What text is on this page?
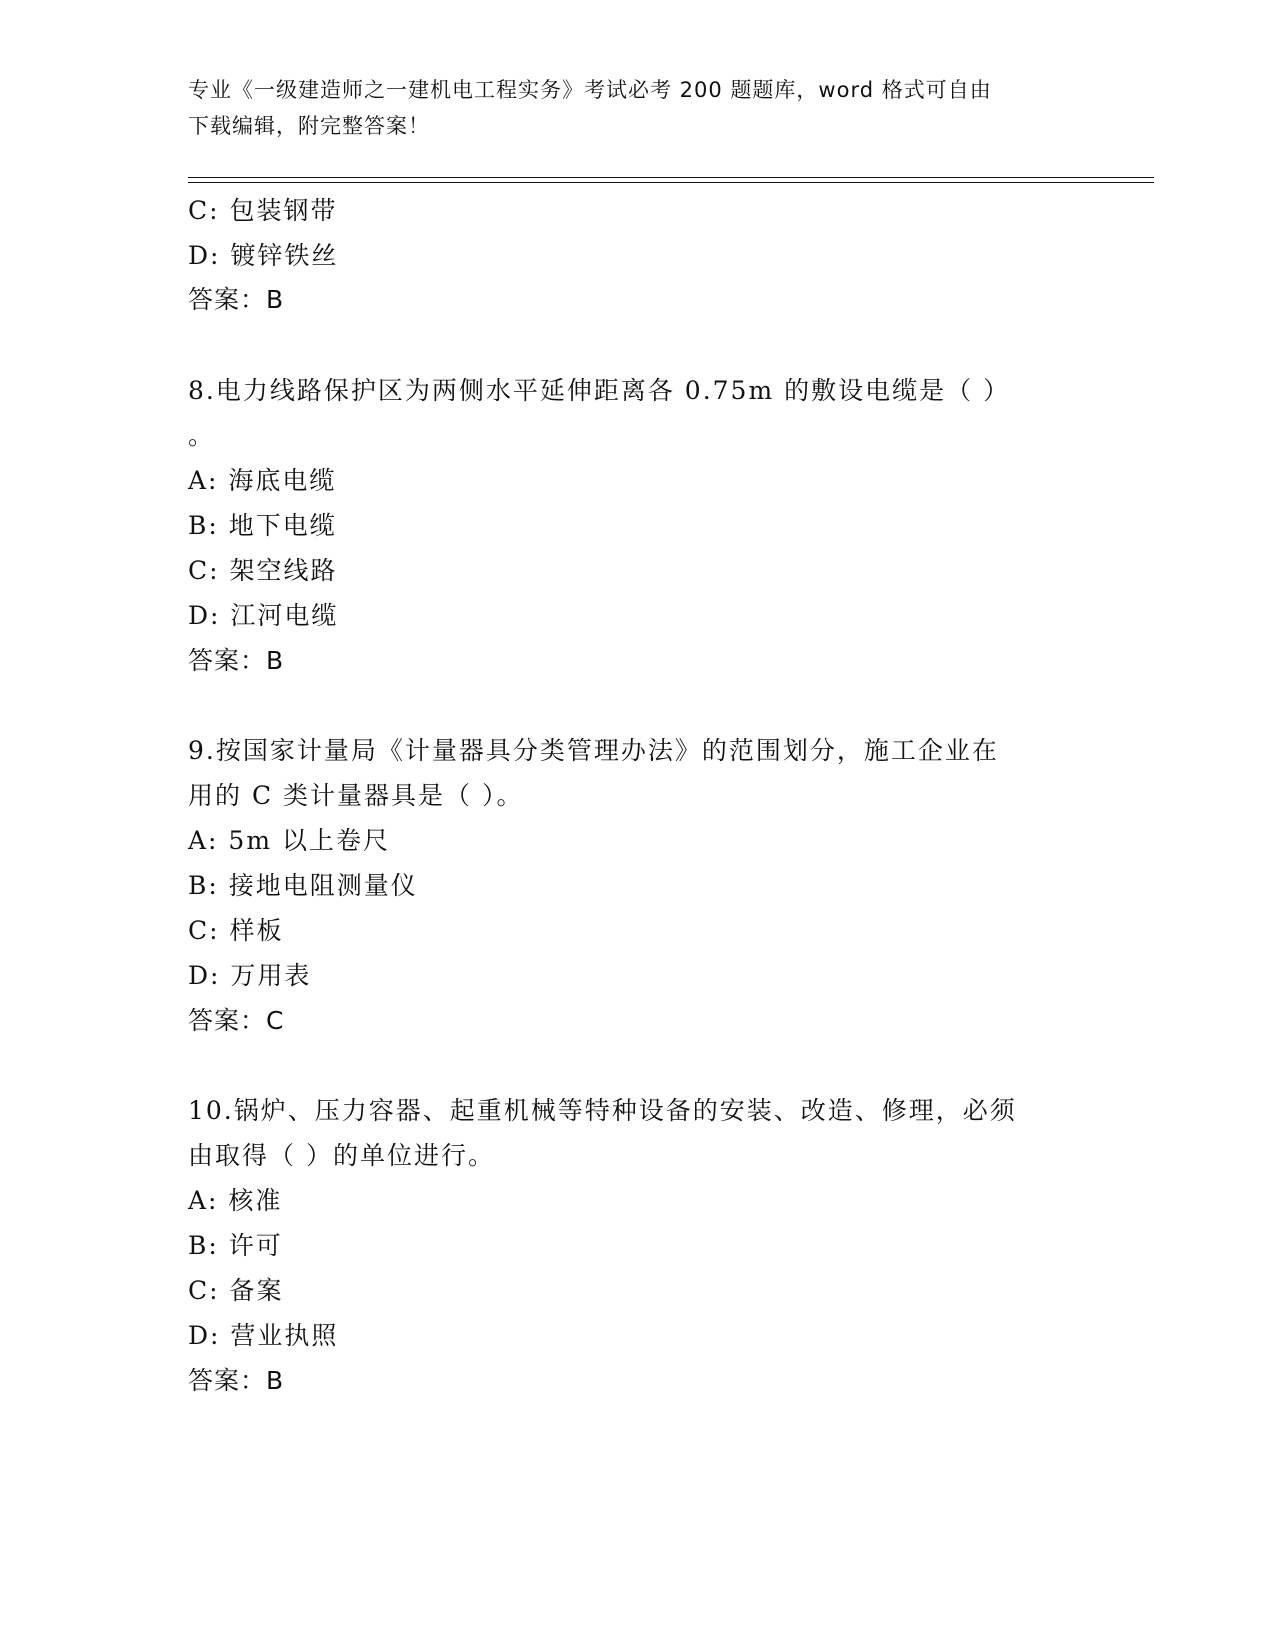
专业《一级建造师之一建机电工程实务》考试必考 200 题题库，word 格式可自由
下载编辑，附完整答案！
C: 包装钢带
D: 镀锌铁丝
答案：B
8.电力线路保护区为两侧水平延伸距离各 0.75m 的敷设电缆是（ ）
。
A: 海底电缆
B: 地下电缆
C: 架空线路
D: 江河电缆
答案：B
9.按国家计量局《计量器具分类管理办法》的范围划分，施工企业在
用的 C 类计量器具是（ ）。
A: 5m 以上卷尺
B: 接地电阻测量仪
C: 样板
D: 万用表
答案：C
10.锅炉、压力容器、起重机械等特种设备的安装、改造、修理，必须
由取得（ ）的单位进行。
A: 核准
B: 许可
C: 备案
D: 营业执照
答案：B
